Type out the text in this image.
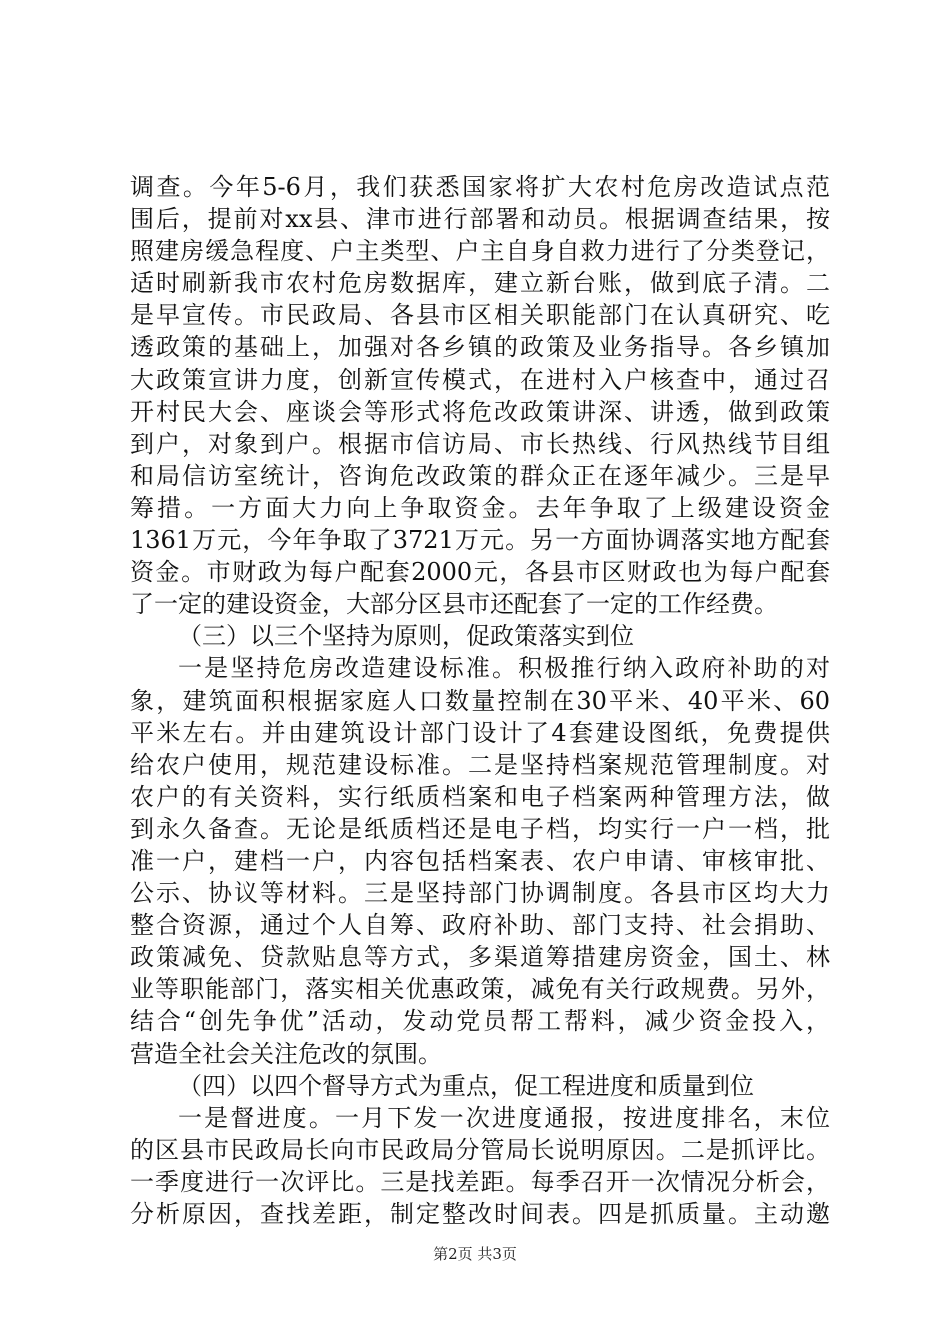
调查。今年5-6月，我们获悉国家将扩大农村危房改造试点范
围后，提前对xx县、津市进行部署和动员。根据调查结果，按
照建房缓急程度、户主类型、户主自身自救力进行了分类登记，
适时刷新我市农村危房数据库，建立新台账，做到底子清。二
是早宣传。市民政局、各县市区相关职能部门在认真研究、吃
透政策的基础上，加强对各乡镇的政策及业务指导。各乡镇加
大政策宣讲力度，创新宣传模式，在进村入户核查中，通过召
开村民大会、座谈会等形式将危改政策讲深、讲透，做到政策
到户，对象到户。根据市信访局、市长热线、行风热线节目组
和局信访室统计，咨询危改政策的群众正在逐年减少。三是早
筹措。一方面大力向上争取资金。去年争取了上级建设资金
1361万元，今年争取了3721万元。另一方面协调落实地方配套
资金。市财政为每户配套2000元，各县市区财政也为每户配套
了一定的建设资金，大部分区县市还配套了一定的工作经费。
（三）以三个坚持为原则，促政策落实到位
一是坚持危房改造建设标准。积极推行纳入政府补助的对
象，建筑面积根据家庭人口数量控制在30平米、40平米、60
平米左右。并由建筑设计部门设计了4套建设图纸，免费提供
给农户使用，规范建设标准。二是坚持档案规范管理制度。对
农户的有关资料，实行纸质档案和电子档案两种管理方法，做
到永久备查。无论是纸质档还是电子档，均实行一户一档，批
准一户，建档一户，内容包括档案表、农户申请、审核审批、
公示、协议等材料。三是坚持部门协调制度。各县市区均大力
整合资源，通过个人自筹、政府补助、部门支持、社会捐助、
政策减免、贷款贴息等方式，多渠道筹措建房资金，国土、林
业等职能部门，落实相关优惠政策，减免有关行政规费。另外，
结合“创先争优”活动，发动党员帮工帮料，减少资金投入，
营造全社会关注危改的氛围。
（四）以四个督导方式为重点，促工程进度和质量到位
一是督进度。一月下发一次进度通报，按进度排名，末位
的区县市民政局长向市民政局分管局长说明原因。二是抓评比。
一季度进行一次评比。三是找差距。每季召开一次情况分析会，
分析原因，查找差距，制定整改时间表。四是抓质量。主动邀
第2页 共3页
